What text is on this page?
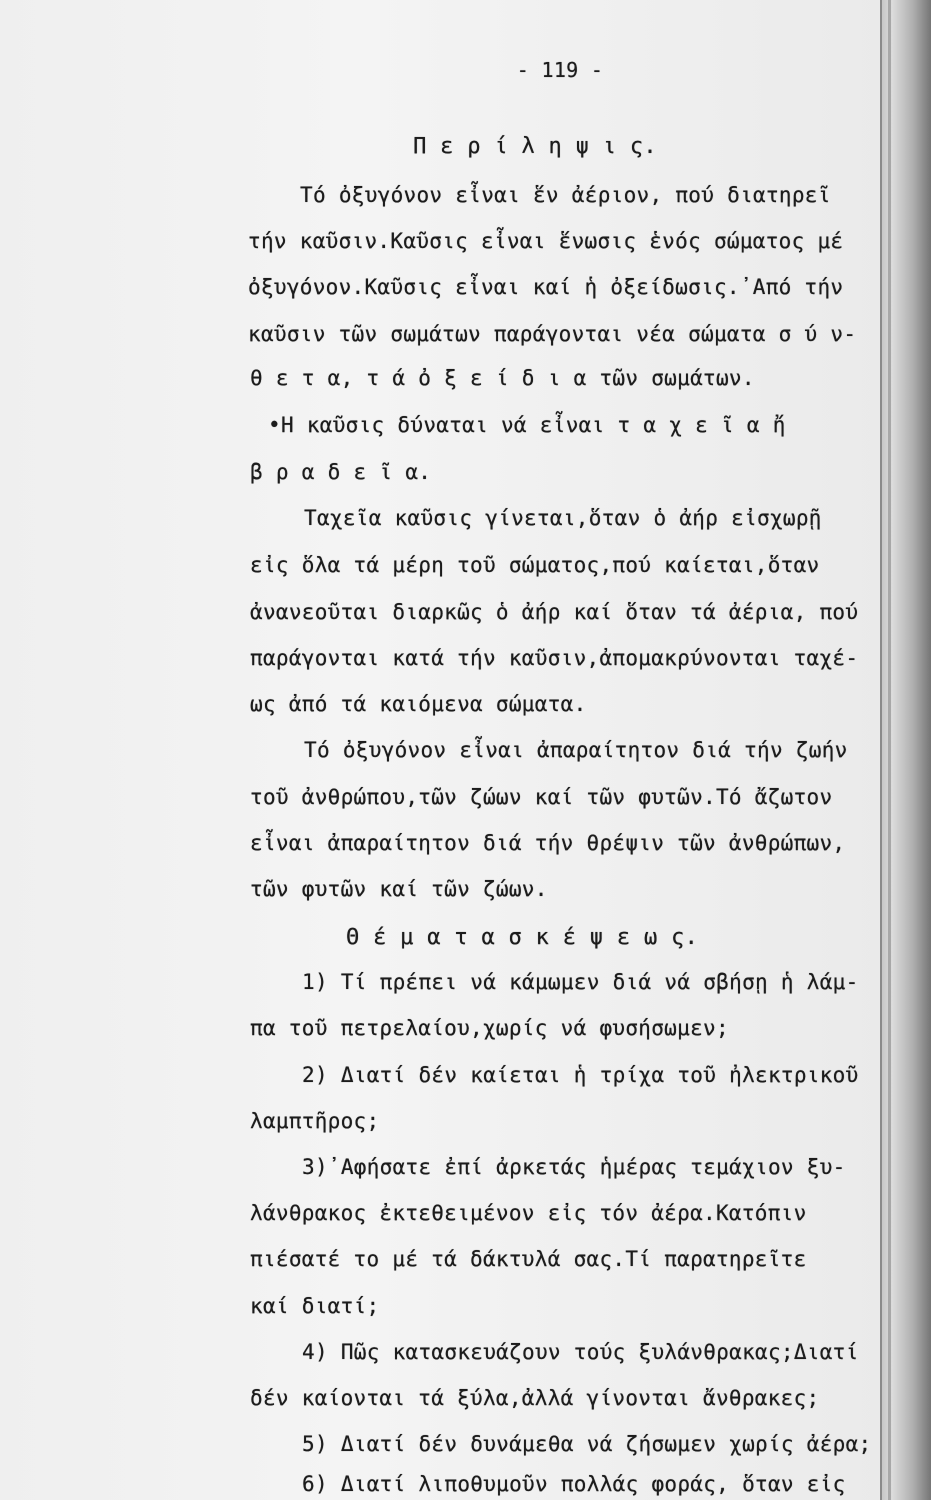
- 119 -
Π ε ρ ί λ η ψ ι ς.
Τό ὀξυγόνον εἶναι ἕν ἀέριον, πού διατηρεῖ
τήν καῦσιν.Καῦσις εἶναι ἕνωσις ἑνός σώματος μέ
ὀξυγόνον.Καῦσις εἶναι καί ἡ ὀξείδωσις.᾽Από τήν
καῦσιν τῶν σωμάτων παράγονται νέα σώματα σ ύ ν-
θ ε τ α, τ ά ὀ ξ ε ί δ ι α τῶν σωμάτων.
•Η καῦσις δύναται νά εἶναι τ α χ ε ῖ α ἤ
β ρ α δ ε ῖ α.
Ταχεῖα καῦσις γίνεται,ὅταν ὁ ἀήρ εἰσχωρῇ
εἰς ὅλα τά μέρη τοῦ σώματος,πού καίεται,ὅταν
ἀνανεοῦται διαρκῶς ὁ ἀήρ καί ὅταν τά ἀέρια, πού
παράγονται κατά τήν καῦσιν,ἀπομακρύνονται ταχέ-
ως ἀπό τά καιόμενα σώματα.
Τό ὀξυγόνον εἶναι ἀπαραίτητον διά τήν ζωήν
τοῦ ἀνθρώπου,τῶν ζώων καί τῶν φυτῶν.Τό ἄζωτον
εἶναι ἀπαραίτητον διά τήν θρέψιν τῶν ἀνθρώπων,
τῶν φυτῶν καί τῶν ζώων.
Θ έ μ α τ α σ κ έ ψ ε ω ς.
1) Τί πρέπει νά κάμωμεν διά νά σβήσῃ ἡ λάμ-
πα τοῦ πετρελαίου,χωρίς νά φυσήσωμεν;
2) Διατί δέν καίεται ἡ τρίχα τοῦ ἠλεκτρικοῦ
λαμπτῆρος;
3)᾽Αφήσατε ἐπί ἀρκετάς ἡμέρας τεμάχιον ξυ-
λάνθρακος ἐκτεθειμένον εἰς τόν ἀέρα.Κατόπιν
πιέσατέ το μέ τά δάκτυλά σας.Τί παρατηρεῖτε
καί διατί;
4) Πῶς κατασκευάζουν τούς ξυλάνθρακας;Διατί
δέν καίονται τά ξύλα,ἀλλά γίνονται ἄνθρακες;
5) Διατί δέν δυνάμεθα νά ζήσωμεν χωρίς ἀέρα;
6) Διατί λιποθυμοῦν πολλάς φοράς, ὅταν εἰς
